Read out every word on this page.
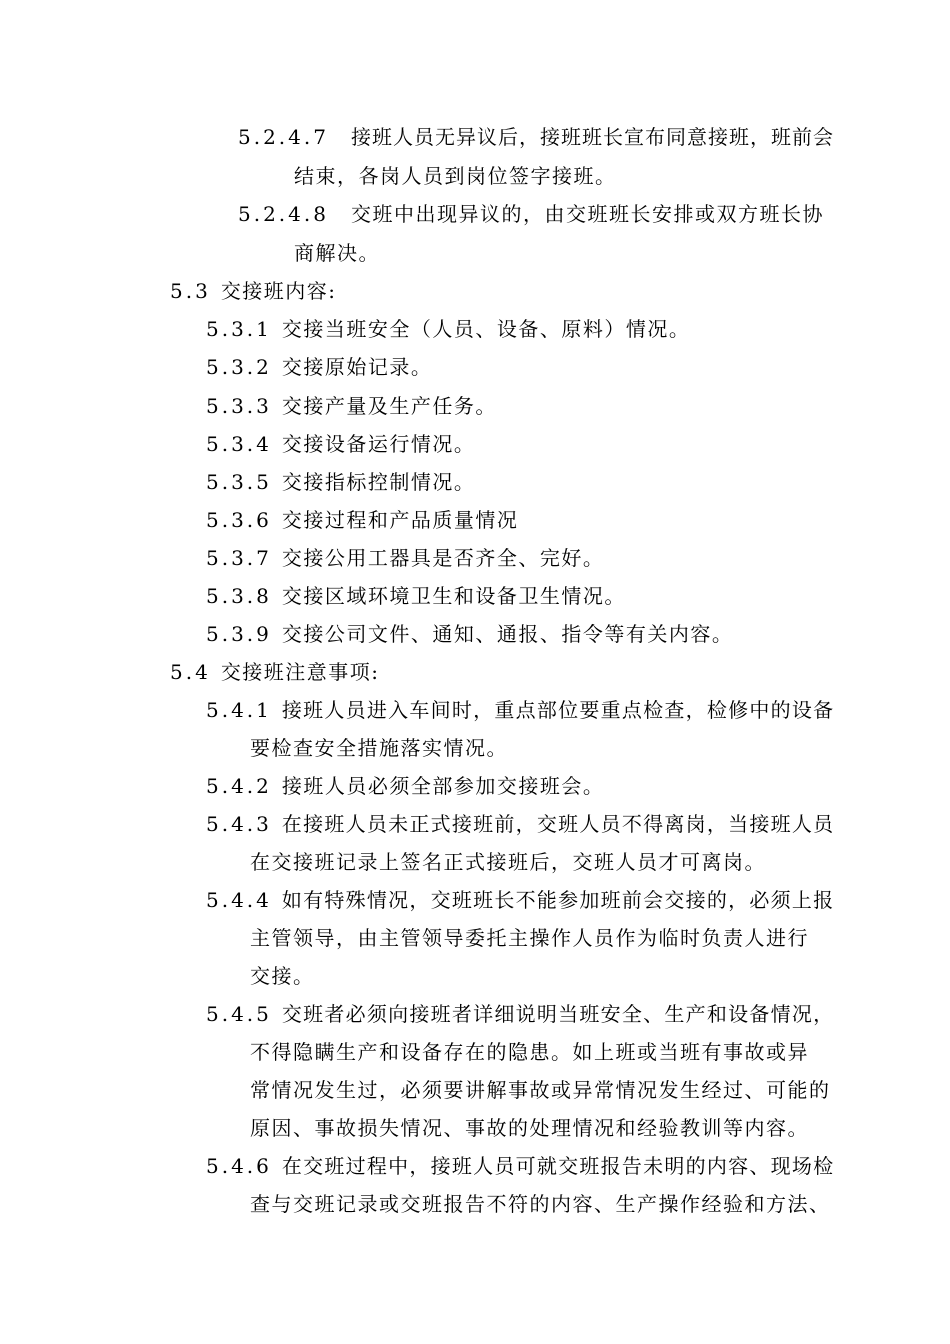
5.2.4.7 接班人员无异议后，接班班长宣布同意接班，班前会
结束，各岗人员到岗位签字接班。
5.2.4.8 交班中出现异议的，由交班班长安排或双方班长协
商解决。
5.3 交接班内容:
5.3.1 交接当班安全（人员、设备、原料）情况。
5.3.2 交接原始记录。
5.3.3 交接产量及生产任务。
5.3.4 交接设备运行情况。
5.3.5 交接指标控制情况。
5.3.6 交接过程和产品质量情况
5.3.7 交接公用工器具是否齐全、完好。
5.3.8 交接区域环境卫生和设备卫生情况。
5.3.9 交接公司文件、通知、通报、指令等有关内容。
5.4 交接班注意事项:
5.4.1 接班人员进入车间时，重点部位要重点检查，检修中的设备
要检查安全措施落实情况。
5.4.2 接班人员必须全部参加交接班会。
5.4.3 在接班人员未正式接班前，交班人员不得离岗，当接班人员
在交接班记录上签名正式接班后，交班人员才可离岗。
5.4.4 如有特殊情况，交班班长不能参加班前会交接的，必须上报
主管领导，由主管领导委托主操作人员作为临时负责人进行
交接。
5.4.5 交班者必须向接班者详细说明当班安全、生产和设备情况，
不得隐瞒生产和设备存在的隐患。如上班或当班有事故或异
常情况发生过，必须要讲解事故或异常情况发生经过、可能的
原因、事故损失情况、事故的处理情况和经验教训等内容。
5.4.6 在交班过程中，接班人员可就交班报告未明的内容、现场检
查与交班记录或交班报告不符的内容、生产操作经验和方法、
